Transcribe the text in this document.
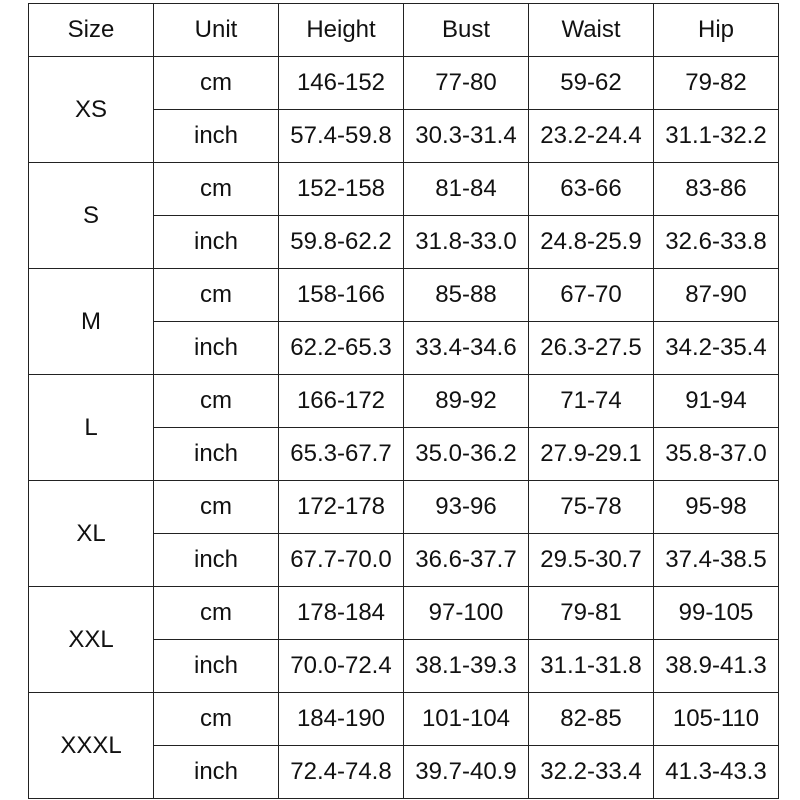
Size	Unit	Height	Bust	Waist	Hip
XS	cm	146-152	77-80	59-62	79-82
	inch	57.4-59.8	30.3-31.4	23.2-24.4	31.1-32.2
S	cm	152-158	81-84	63-66	83-86
	inch	59.8-62.2	31.8-33.0	24.8-25.9	32.6-33.8
M	cm	158-166	85-88	67-70	87-90
	inch	62.2-65.3	33.4-34.6	26.3-27.5	34.2-35.4
L	cm	166-172	89-92	71-74	91-94
	inch	65.3-67.7	35.0-36.2	27.9-29.1	35.8-37.0
XL	cm	172-178	93-96	75-78	95-98
	inch	67.7-70.0	36.6-37.7	29.5-30.7	37.4-38.5
XXL	cm	178-184	97-100	79-81	99-105
	inch	70.0-72.4	38.1-39.3	31.1-31.8	38.9-41.3
XXXL	cm	184-190	101-104	82-85	105-110
	inch	72.4-74.8	39.7-40.9	32.2-33.4	41.3-43.3
